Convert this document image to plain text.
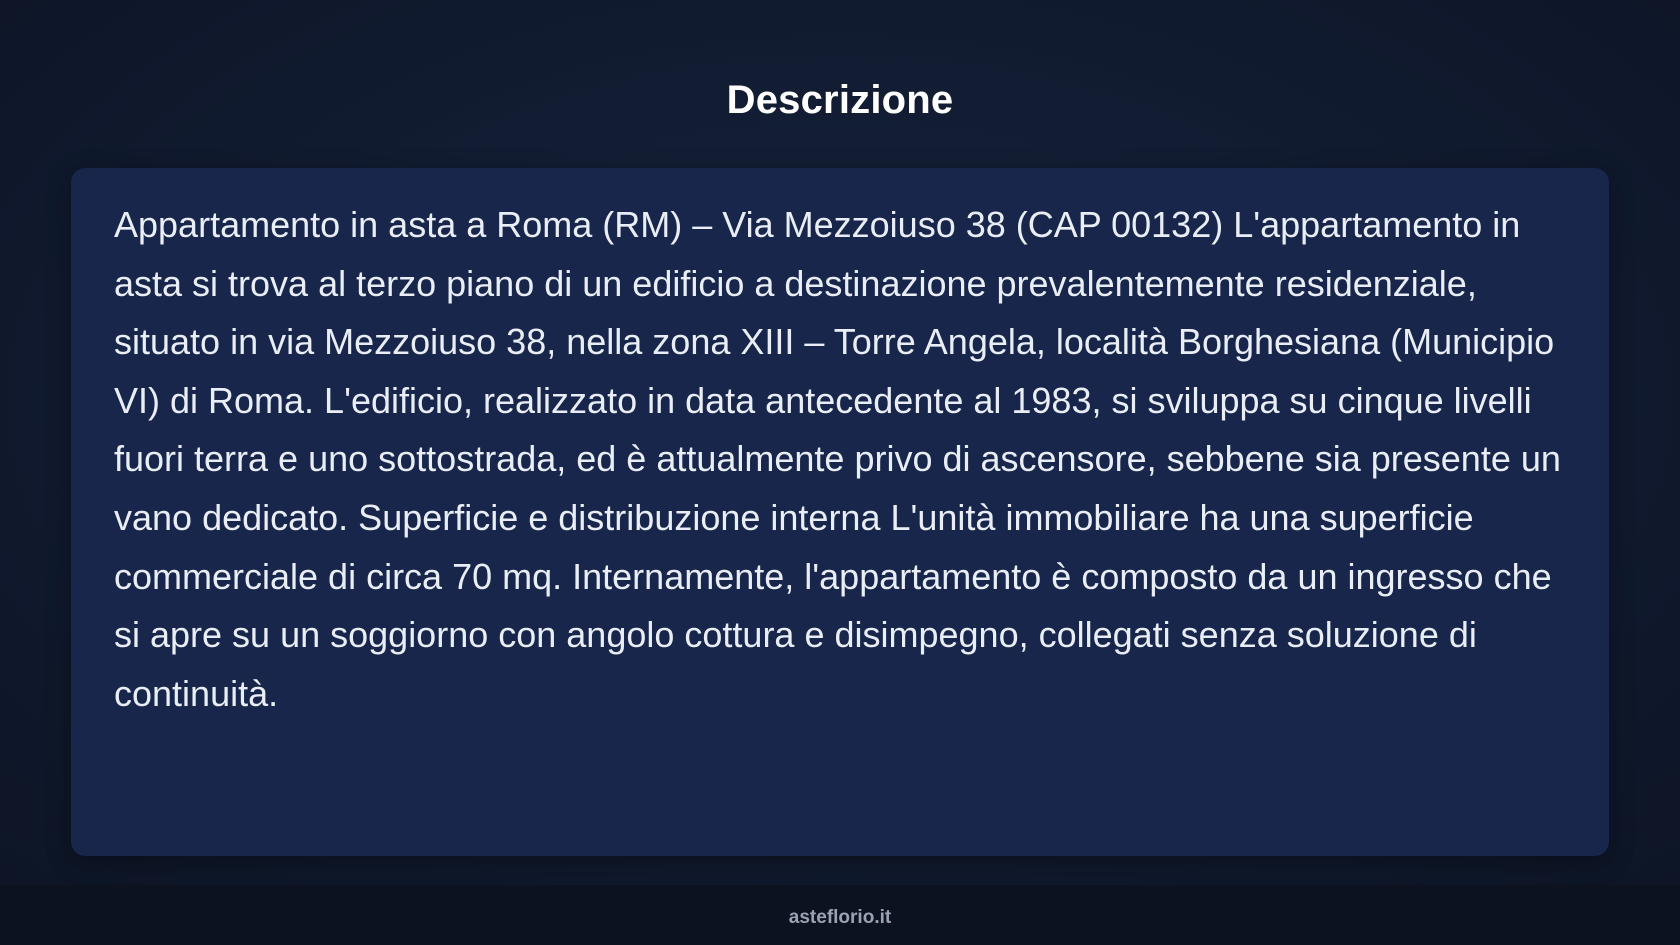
Descrizione

Appartamento in asta a Roma (RM) – Via Mezzoiuso 38 (CAP 00132) L'appartamento in asta si trova al terzo piano di un edificio a destinazione prevalentemente residenziale, situato in via Mezzoiuso 38, nella zona XIII – Torre Angela, località Borghesiana (Municipio VI) di Roma. L'edificio, realizzato in data antecedente al 1983, si sviluppa su cinque livelli fuori terra e uno sottostrada, ed è attualmente privo di ascensore, sebbene sia presente un vano dedicato. Superficie e distribuzione interna L'unità immobiliare ha una superficie commerciale di circa 70 mq. Internamente, l'appartamento è composto da un ingresso che si apre su un soggiorno con angolo cottura e disimpegno, collegati senza soluzione di continuità.

asteflorio.it
